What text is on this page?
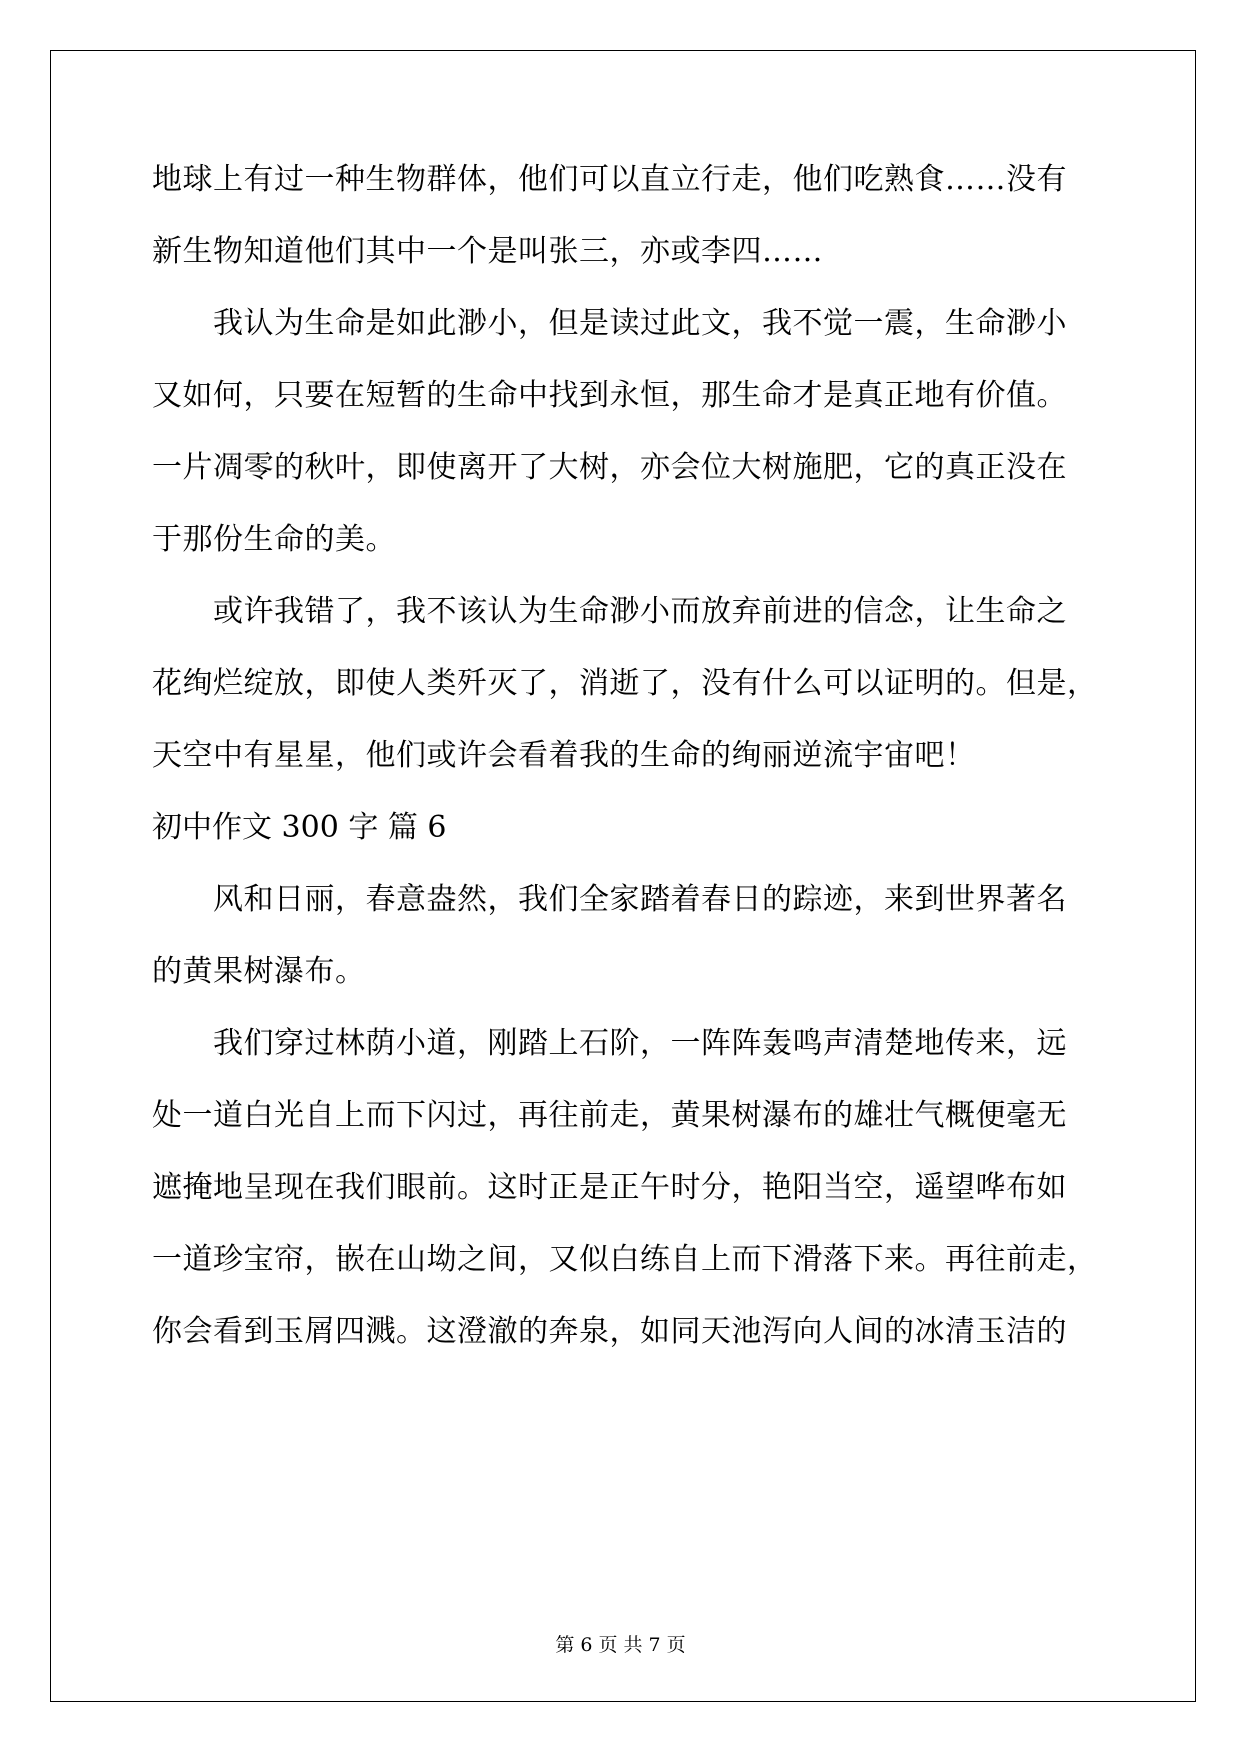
地球上有过一种生物群体，他们可以直立行走，他们吃熟食……没有
新生物知道他们其中一个是叫张三，亦或李四……
　　我认为生命是如此渺小，但是读过此文，我不觉一震，生命渺小
又如何，只要在短暂的生命中找到永恒，那生命才是真正地有价值。
一片凋零的秋叶，即使离开了大树，亦会位大树施肥，它的真正没在
于那份生命的美。
　　或许我错了，我不该认为生命渺小而放弃前进的信念，让生命之
花绚烂绽放，即使人类歼灭了，消逝了，没有什么可以证明的。但是，
天空中有星星，他们或许会看着我的生命的绚丽逆流宇宙吧！
初中作文 300 字 篇 6
　　风和日丽，春意盎然，我们全家踏着春日的踪迹，来到世界著名
的黄果树瀑布。
　　我们穿过林荫小道，刚踏上石阶，一阵阵轰鸣声清楚地传来，远
处一道白光自上而下闪过，再往前走，黄果树瀑布的雄壮气概便毫无
遮掩地呈现在我们眼前。这时正是正午时分，艳阳当空，遥望哗布如
一道珍宝帘，嵌在山坳之间，又似白练自上而下滑落下来。再往前走，
你会看到玉屑四溅。这澄澈的奔泉，如同天池泻向人间的冰清玉洁的
第 6 页 共 7 页
